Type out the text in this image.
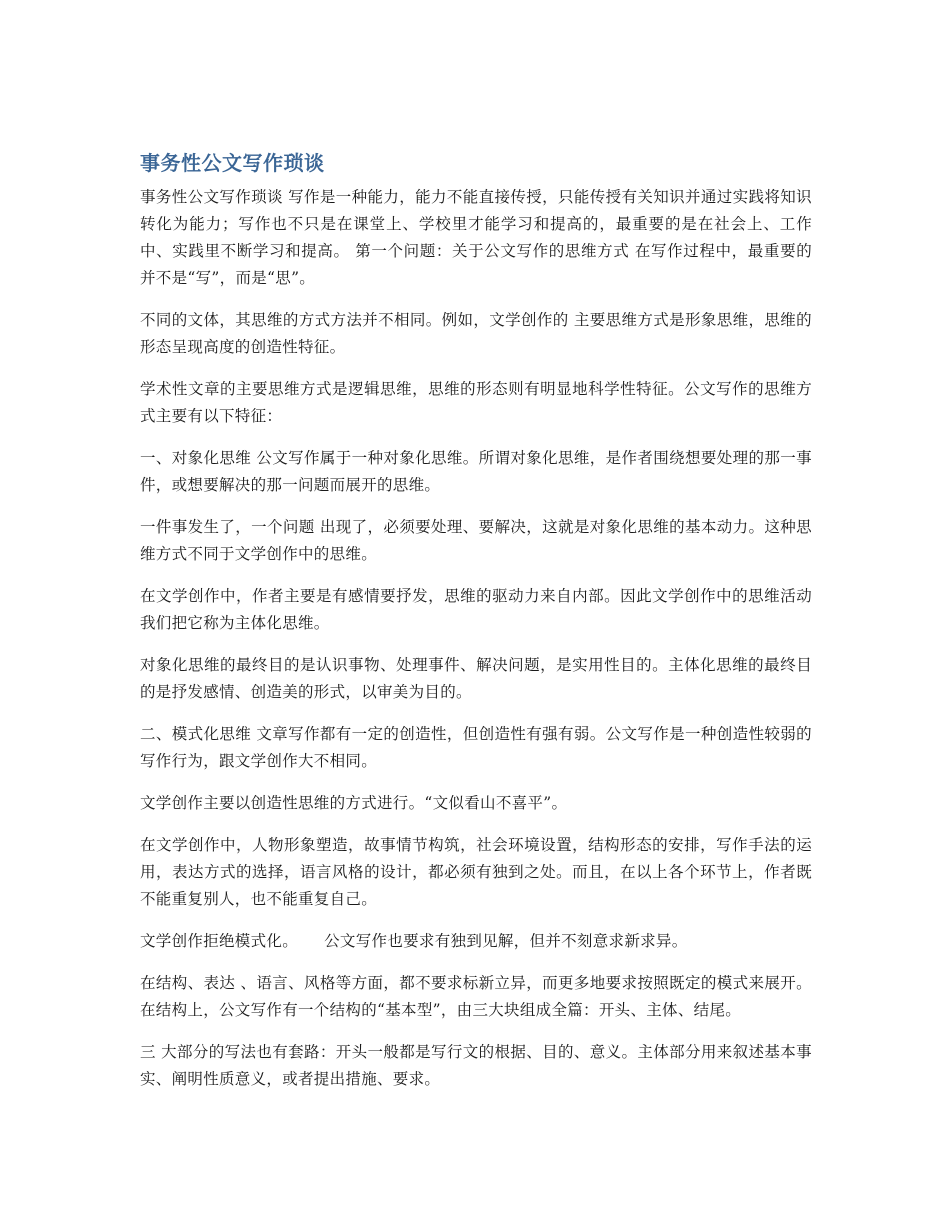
事务性公文写作琐谈

事务性公文写作琐谈 写作是一种能力，能力不能直接传授，只能传授有关知识并通过实践将知识转化为能力；写作也不只是在课堂上、学校里才能学习和提高的，最重要的是在社会上、工作中、实践里不断学习和提高。 第一个问题：关于公文写作的思维方式 在写作过程中，最重要的 并不是“写”，而是“思”。

不同的文体，其思维的方式方法并不相同。例如，文学创作的 主要思维方式是形象思维，思维的形态呈现高度的创造性特征。

学术性文章的主要思维方式是逻辑思维，思维的形态则有明显地科学性特征。公文写作的思维方式主要有以下特征：

一、对象化思维 公文写作属于一种对象化思维。所谓对象化思维，是作者围绕想要处理的那一事件，或想要解决的那一问题而展开的思维。

一件事发生了，一个问题 出现了，必须要处理、要解决，这就是对象化思维的基本动力。这种思维方式不同于文学创作中的思维。

在文学创作中，作者主要是有感情要抒发，思维的驱动力来自内部。因此文学创作中的思维活动我们把它称为主体化思维。

对象化思维的最终目的是认识事物、处理事件、解决问题，是实用性目的。主体化思维的最终目的是抒发感情、创造美的形式，以审美为目的。

二、模式化思维 文章写作都有一定的创造性，但创造性有强有弱。公文写作是一种创造性较弱的写作行为，跟文学创作大不相同。

文学创作主要以创造性思维的方式进行。“文似看山不喜平”。

在文学创作中，人物形象塑造，故事情节构筑，社会环境设置，结构形态的安排，写作手法的运用，表达方式的选择，语言风格的设计，都必须有独到之处。而且，在以上各个环节上，作者既不能重复别人，也不能重复自己。

文学创作拒绝模式化。     公文写作也要求有独到见解，但并不刻意求新求异。

在结构、表达 、语言、风格等方面，都不要求标新立异，而更多地要求按照既定的模式来展开。     在结构上，公文写作有一个结构的“基本型”，由三大块组成全篇：开头、主体、结尾。

三 大部分的写法也有套路：开头一般都是写行文的根据、目的、意义。主体部分用来叙述基本事实、阐明性质意义，或者提出措施、要求。
